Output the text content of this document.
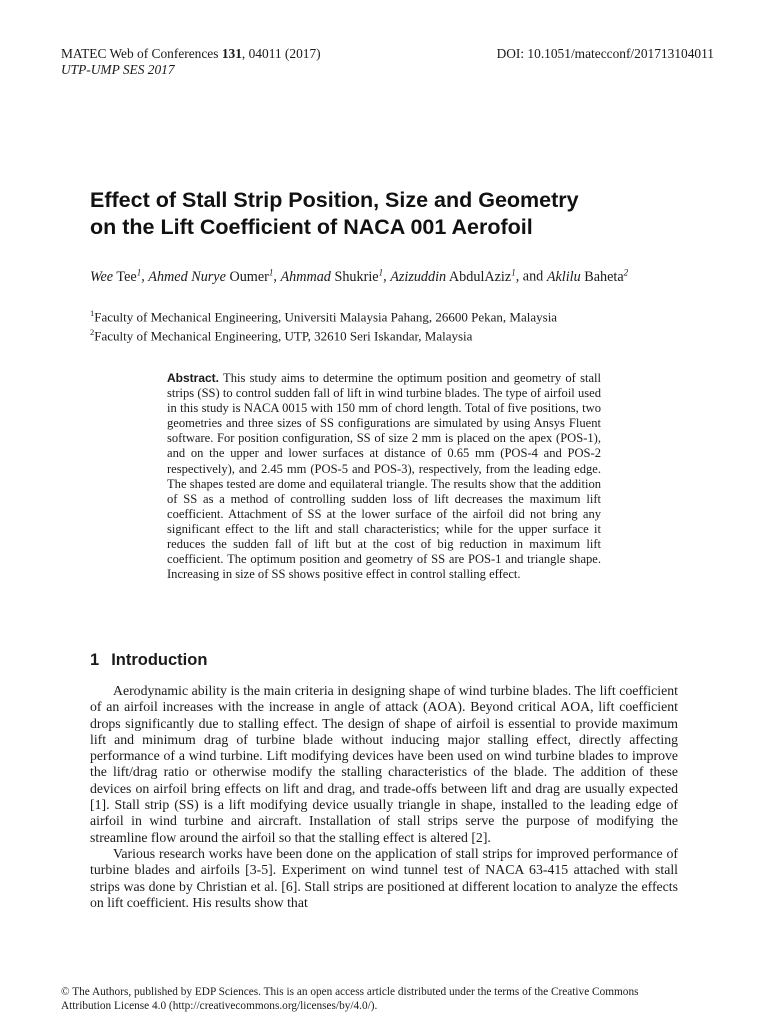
MATEC Web of Conferences 131, 04011 (2017)
UTP-UMP SES 2017
DOI: 10.1051/matecconf/201713104011
Effect of Stall Strip Position, Size and Geometry
on the Lift Coefficient of NACA 001 Aerofoil
Wee Tee$^1$, Ahmed Nurye Oumer$^1$, Ahmmad Shukrie$^1$, Azizuddin AbdulAziz$^1$, and Aklilu Baheta$^2$
$^1$Faculty of Mechanical Engineering, Universiti Malaysia Pahang, 26600 Pekan, Malaysia
$^2$Faculty of Mechanical Engineering, UTP, 32610 Seri Iskandar, Malaysia
Abstract. This study aims to determine the optimum position and geometry of stall strips (SS) to control sudden fall of lift in wind turbine blades. The type of airfoil used in this study is NACA 0015 with 150 mm of chord length. Total of five positions, two geometries and three sizes of SS configurations are simulated by using Ansys Fluent software. For position configuration, SS of size 2 mm is placed on the apex (POS-1), and on the upper and lower surfaces at distance of 0.65 mm (POS-4 and POS-2 respectively), and 2.45 mm (POS-5 and POS-3), respectively, from the leading edge. The shapes tested are dome and equilateral triangle. The results show that the addition of SS as a method of controlling sudden loss of lift decreases the maximum lift coefficient. Attachment of SS at the lower surface of the airfoil did not bring any significant effect to the lift and stall characteristics; while for the upper surface it reduces the sudden fall of lift but at the cost of big reduction in maximum lift coefficient. The optimum position and geometry of SS are POS-1 and triangle shape. Increasing in size of SS shows positive effect in control stalling effect.
1 Introduction

Aerodynamic ability is the main criteria in designing shape of wind turbine blades. The lift coefficient of an airfoil increases with the increase in angle of attack (AOA). Beyond critical AOA, lift coefficient drops significantly due to stalling effect. The design of shape of airfoil is essential to provide maximum lift and minimum drag of turbine blade without inducing major stalling effect, directly affecting performance of a wind turbine. Lift modifying devices have been used on wind turbine blades to improve the lift/drag ratio or otherwise modify the stalling characteristics of the blade. The addition of these devices on airfoil bring effects on lift and drag, and trade-offs between lift and drag are usually expected [1]. Stall strip (SS) is a lift modifying device usually triangle in shape, installed to the leading edge of airfoil in wind turbine and aircraft. Installation of stall strips serve the purpose of modifying the streamline flow around the airfoil so that the stalling effect is altered [2].

Various research works have been done on the application of stall strips for improved performance of turbine blades and airfoils [3-5]. Experiment on wind tunnel test of NACA 63-415 attached with stall strips was done by Christian et al. [6]. Stall strips are positioned at different location to analyze the effects on lift coefficient. His results show that

© The Authors, published by EDP Sciences. This is an open access article distributed under the terms of the Creative Commons
Attribution License 4.0 (http://creativecommons.org/licenses/by/4.0/).
